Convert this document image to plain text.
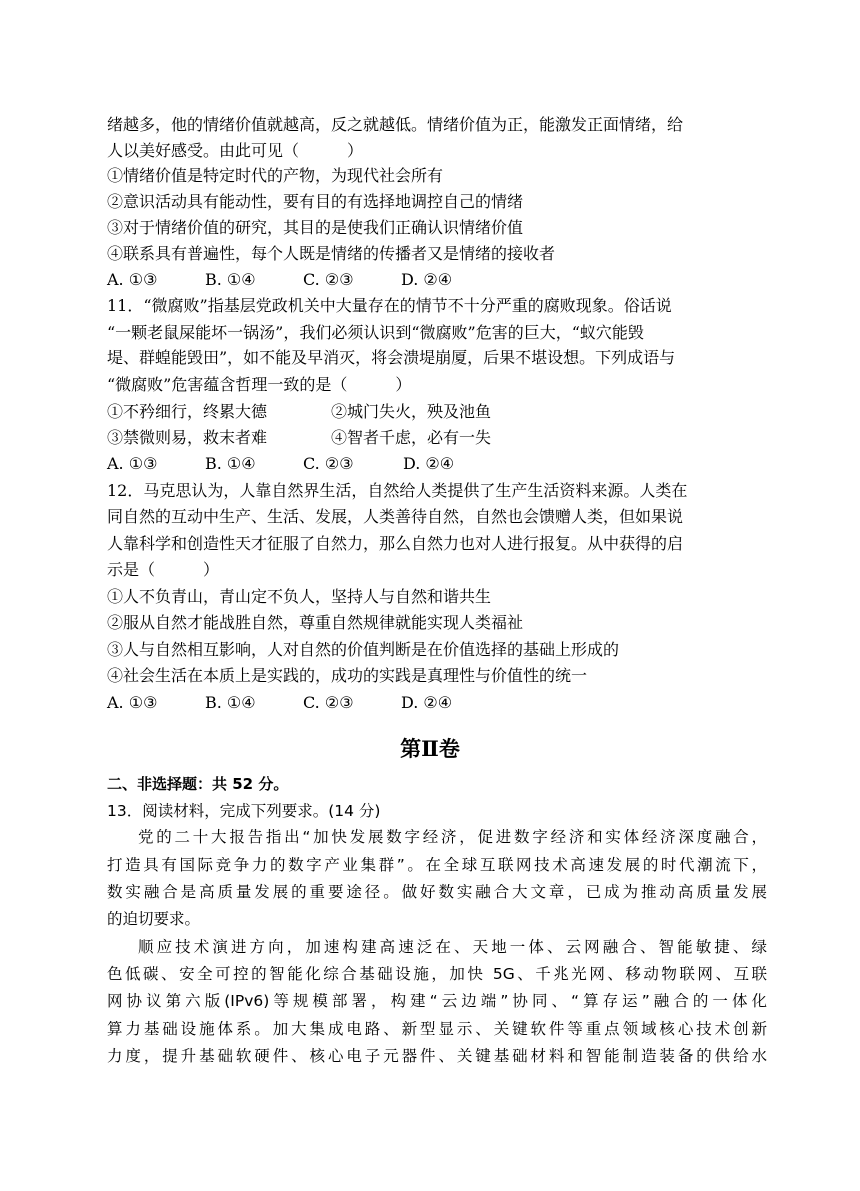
绪越多，他的情绪价值就越高，反之就越低。情绪价值为正，能激发正面情绪，给
人以美好感受。由此可见（　　　）
①情绪价值是特定时代的产物，为现代社会所有
②意识活动具有能动性，要有目的有选择地调控自己的情绪
③对于情绪价值的研究，其目的是使我们正确认识情绪价值
④联系具有普遍性，每个人既是情绪的传播者又是情绪的接收者
A. ①③	B. ①④	C. ②③	D. ②④
11．“微腐败”指基层党政机关中大量存在的情节不十分严重的腐败现象。俗话说
“一颗老鼠屎能坏一锅汤”，我们必须认识到“微腐败”危害的巨大，“蚁穴能毁
堤、群蝗能毁田”，如不能及早消灭，将会溃堤崩厦，后果不堪设想。下列成语与
“微腐败”危害蕴含哲理一致的是（　　　）
①不矜细行，终累大德	②城门失火，殃及池鱼
③禁微则易，救末者难	④智者千虑，必有一失
A. ①③	B. ①④	C. ②③	D. ②④
12．马克思认为，人靠自然界生活，自然给人类提供了生产生活资料来源。人类在
同自然的互动中生产、生活、发展，人类善待自然，自然也会馈赠人类，但如果说
人靠科学和创造性天才征服了自然力，那么自然力也对人进行报复。从中获得的启
示是（　　　）
①人不负青山，青山定不负人，坚持人与自然和谐共生
②服从自然才能战胜自然，尊重自然规律就能实现人类福祉
③人与自然相互影响，人对自然的价值判断是在价值选择的基础上形成的
④社会生活在本质上是实践的，成功的实践是真理性与价值性的统一
A. ①③	B. ①④	C. ②③	D. ②④
第Ⅱ卷
二、非选择题：共 52 分。
13．阅读材料，完成下列要求。(14 分)
党的二十大报告指出“加快发展数字经济，促进数字经济和实体经济深度融合，
打造具有国际竞争力的数字产业集群”。在全球互联网技术高速发展的时代潮流下，
数实融合是高质量发展的重要途径。做好数实融合大文章，已成为推动高质量发展
的迫切要求。
顺应技术演进方向，加速构建高速泛在、天地一体、云网融合、智能敏捷、绿
色低碳、安全可控的智能化综合基础设施，加快 5G、千兆光网、移动物联网、互联
网协议第六版(IPv6)等规模部署，构建“云边端”协同、“算存运”融合的一体化
算力基础设施体系。加大集成电路、新型显示、关键软件等重点领域核心技术创新
力度，提升基础软硬件、核心电子元器件、关键基础材料和智能制造装备的供给水
